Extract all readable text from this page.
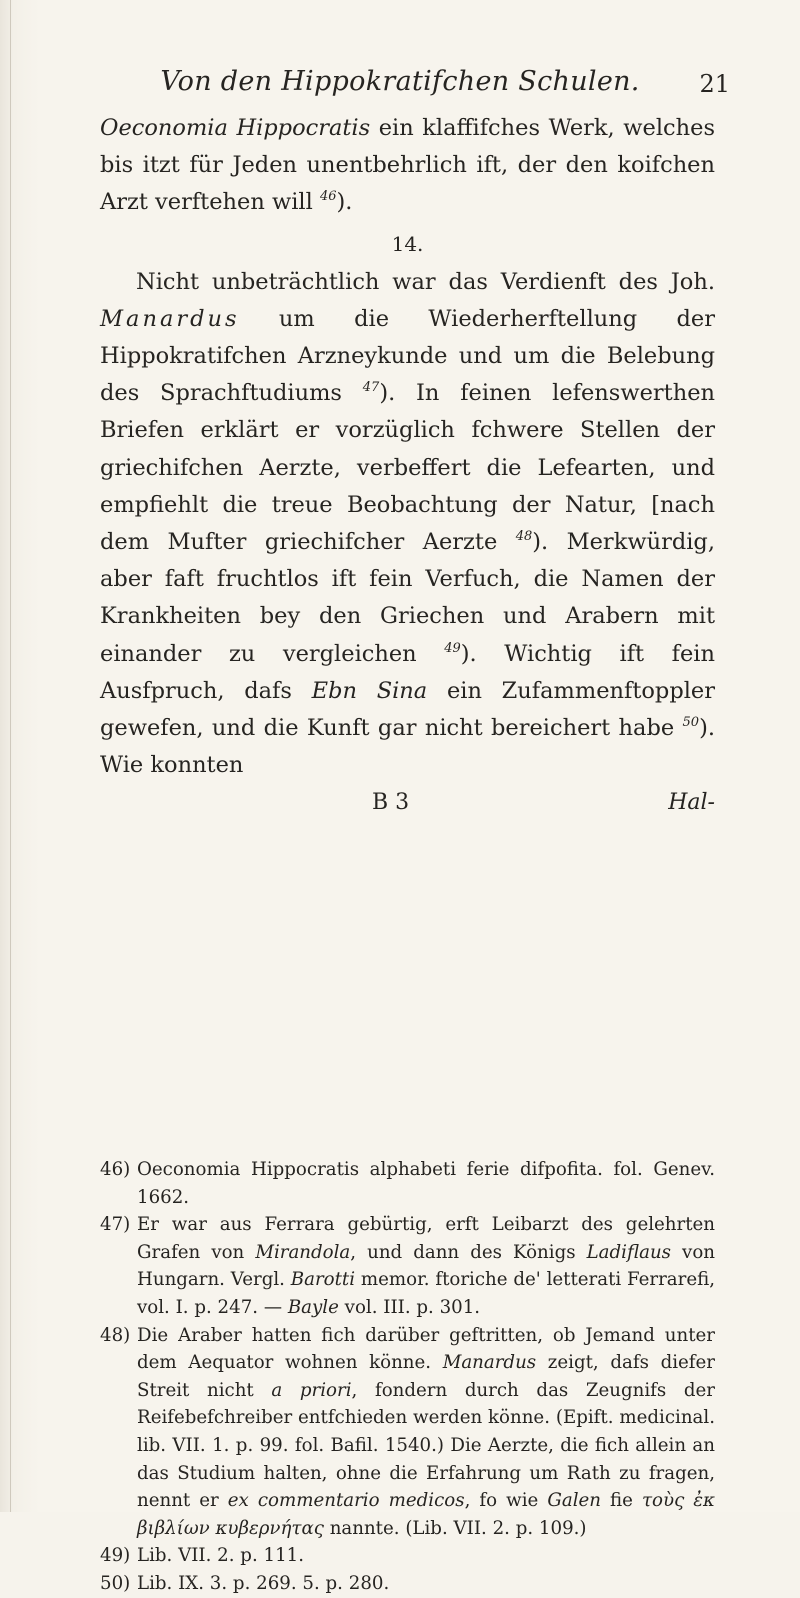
Von den Hippokratifchen Schulen.	21

Oeconomia Hippocratis ein klaffifches Werk, welches bis itzt für Jeden unentbehrlich ift, der den koifchen Arzt verftehen will $^{46}$).

14.

Nicht unbeträchtlich war das Verdienft des Joh. Manardus um die Wiederherftellung der Hippokratifchen Arzneykunde und um die Belebung des Sprachftudiums $^{47}$). In feinen lefenswerthen Briefen erklärt er vorzüglich fchwere Stellen der griechifchen Aerzte, verbeffert die Lefearten, und empfiehlt die treue Beobachtung der Natur, [nach dem Mufter griechifcher Aerzte $^{48}$). Merkwürdig, aber faft fruchtlos ift fein Verfuch, die Namen der Krankheiten bey den Griechen und Arabern mit einander zu vergleichen $^{49}$). Wichtig ift fein Ausfpruch, dafs Ebn Sina ein Zufammenftoppler gewefen, und die Kunft gar nicht bereichert habe $^{50}$). Wie konnten

B 3	Hal-

46) Oeconomia Hippocratis alphabeti ferie difpofita. fol. Genev. 1662.

47) Er war aus Ferrara gebürtig, erft Leibarzt des gelehrten Grafen von Mirandola, und dann des Königs Ladiflaus von Hungarn. Vergl. Barotti memor. ftoriche de' letterati Ferrarefi, vol. I. p. 247. — Bayle vol. III. p. 301.

48) Die Araber hatten fich darüber geftritten, ob Jemand unter dem Aequator wohnen könne. Manardus zeigt, dafs diefer Streit nicht a priori, fondern durch das Zeugnifs der Reifebefchreiber entfchieden werden könne. (Epift. medicinal. lib. VII. 1. p. 99. fol. Bafil. 1540.) Die Aerzte, die fich allein an das Studium halten, ohne die Erfahrung um Rath zu fragen, nennt er ex commentario medicos, fo wie Galen fie τοὺς ἐκ βιβλίων κυβερνήτας nannte. (Lib. VII. 2. p. 109.)

49) Lib. VII. 2. p. 111.

50) Lib. IX. 3. p. 269. 5. p. 280.
